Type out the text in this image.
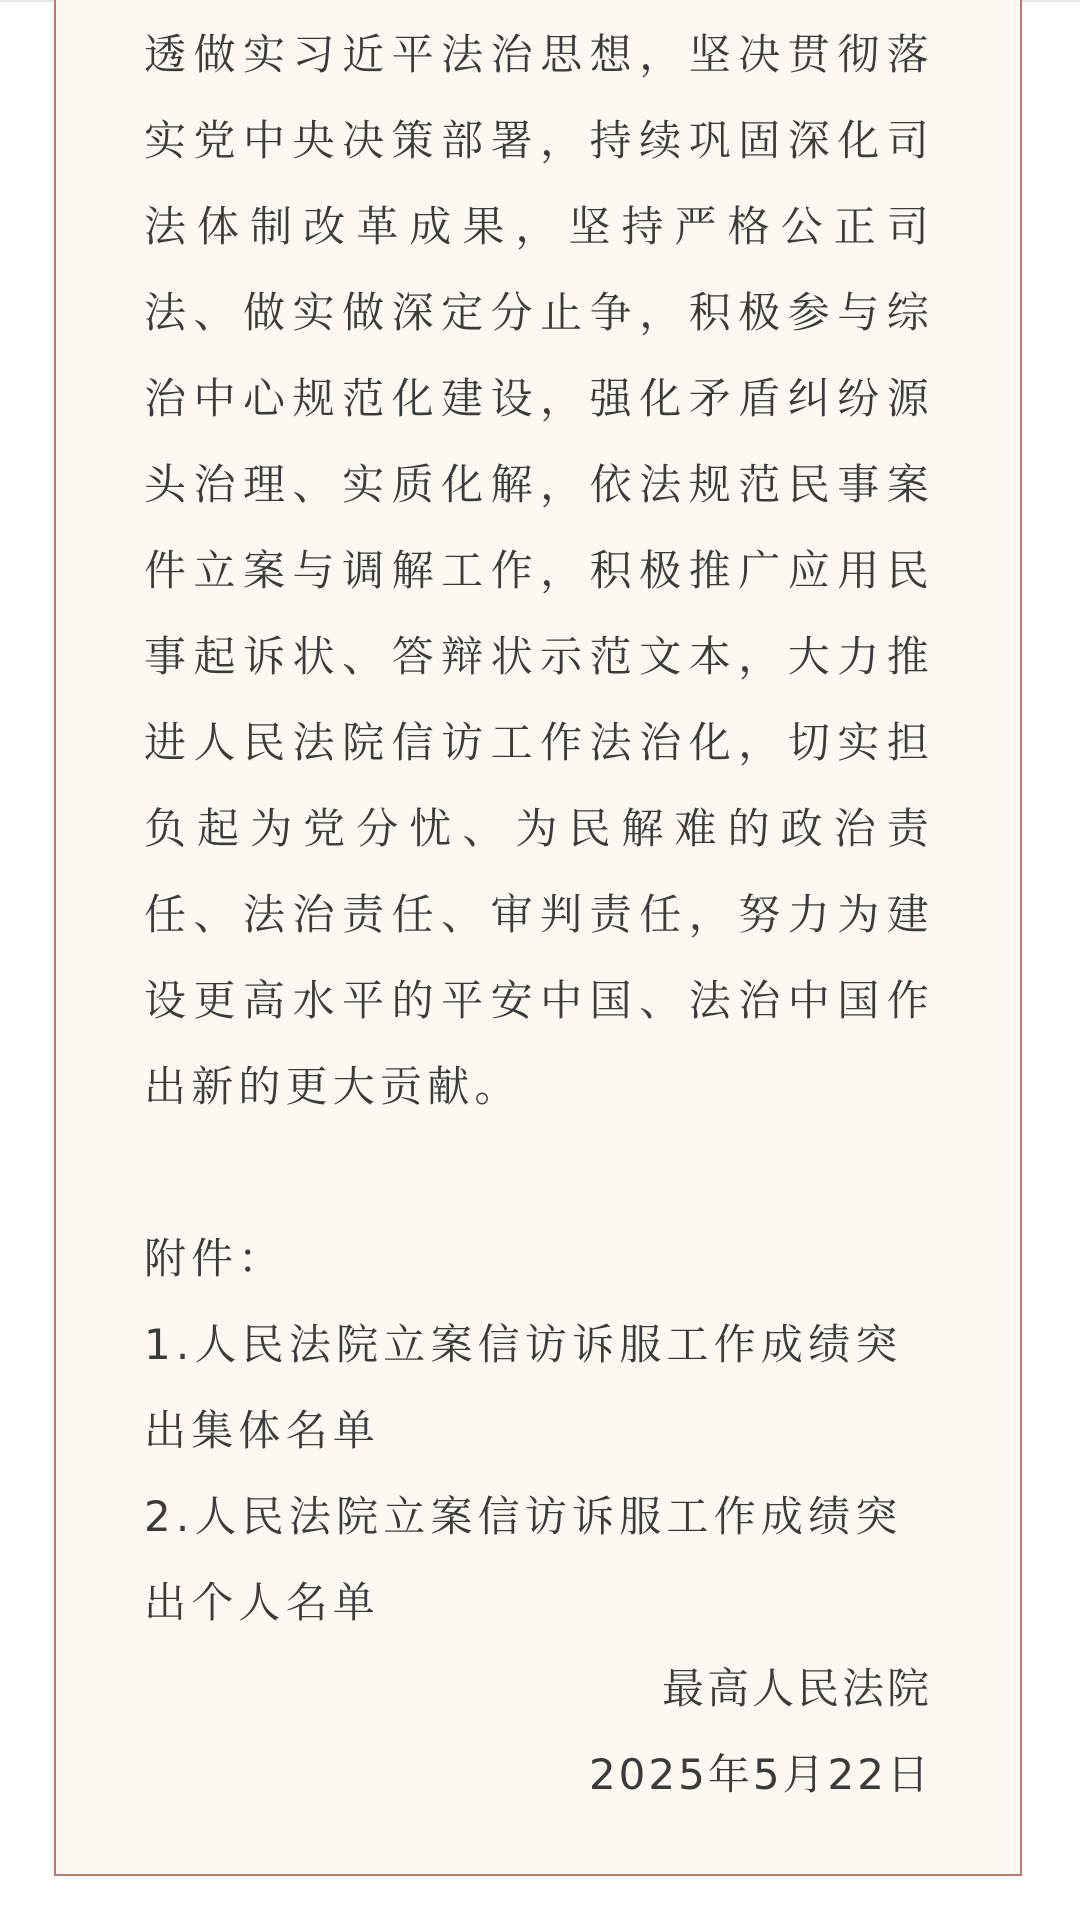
透做实习近平法治思想，坚决贯彻落实党中央决策部署，持续巩固深化司法体制改革成果，坚持严格公正司法、做实做深定分止争，积极参与综治中心规范化建设，强化矛盾纠纷源头治理、实质化解，依法规范民事案件立案与调解工作，积极推广应用民事起诉状、答辩状示范文本，大力推进人民法院信访工作法治化，切实担负起为党分忧、为民解难的政治责任、法治责任、审判责任，努力为建设更高水平的平安中国、法治中国作出新的更大贡献。

附件：

1.人民法院立案信访诉服工作成绩突出集体名单

2.人民法院立案信访诉服工作成绩突出个人名单

最高人民法院

2025年5月22日
